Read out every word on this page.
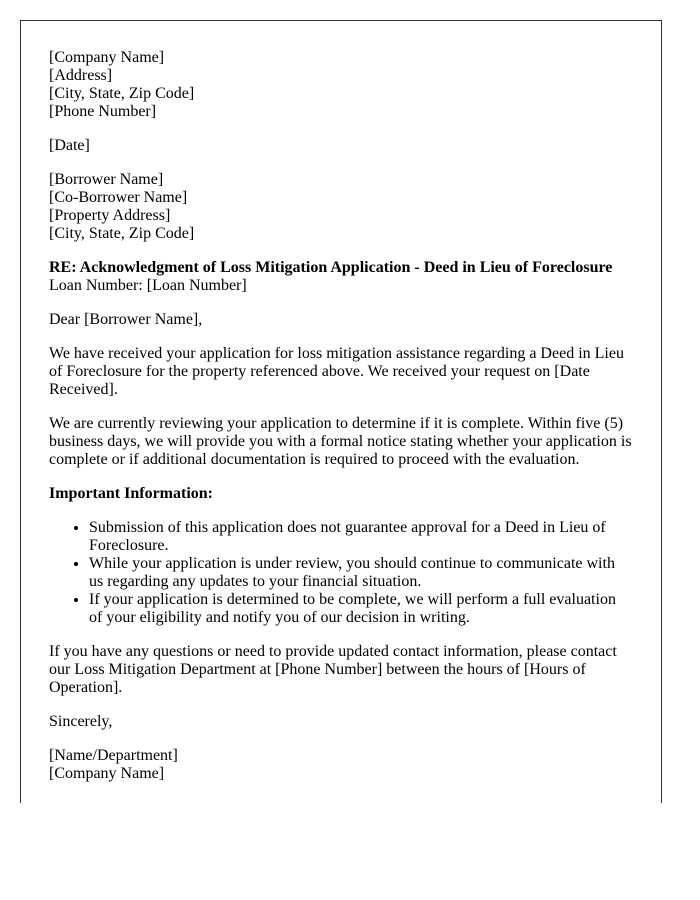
[Company Name]
[Address]
[City, State, Zip Code]
[Phone Number]

[Date]

[Borrower Name]
[Co-Borrower Name]
[Property Address]
[City, State, Zip Code]

RE: Acknowledgment of Loss Mitigation Application - Deed in Lieu of Foreclosure
Loan Number: [Loan Number]

Dear [Borrower Name],

We have received your application for loss mitigation assistance regarding a Deed in Lieu of Foreclosure for the property referenced above. We received your request on [Date Received].

We are currently reviewing your application to determine if it is complete. Within five (5) business days, we will provide you with a formal notice stating whether your application is complete or if additional documentation is required to proceed with the evaluation.

Important Information:

• Submission of this application does not guarantee approval for a Deed in Lieu of Foreclosure.
• While your application is under review, you should continue to communicate with us regarding any updates to your financial situation.
• If your application is determined to be complete, we will perform a full evaluation of your eligibility and notify you of our decision in writing.

If you have any questions or need to provide updated contact information, please contact our Loss Mitigation Department at [Phone Number] between the hours of [Hours of Operation].

Sincerely,

[Name/Department]
[Company Name]
